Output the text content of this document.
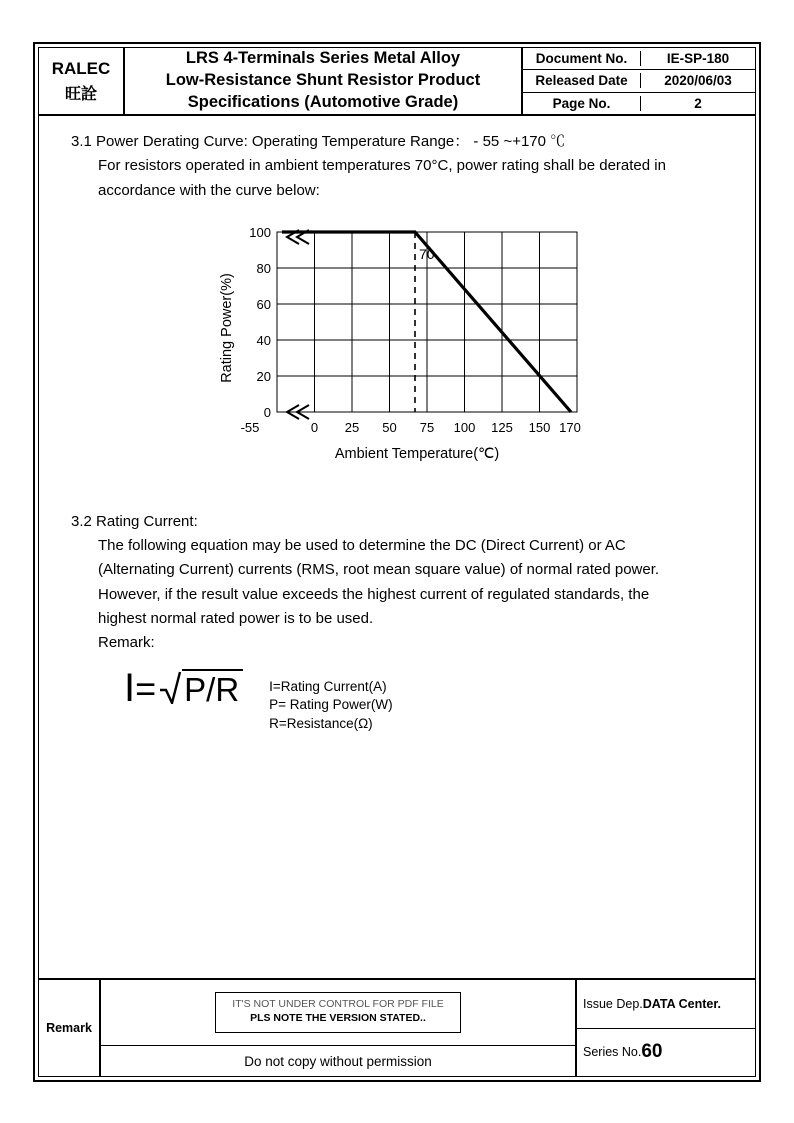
RALEC
旺詮
LRS 4-Terminals Series Metal Alloy
Low-Resistance Shunt Resistor Product
Specifications (Automotive Grade)
Document No.	IE-SP-180
Released Date	2020/06/03
Page No.	2
3.1 Power Derating Curve: Operating Temperature Range： - 55 ~+170 ℃
For resistors operated in ambient temperatures 70°C, power rating shall be derated in
accordance with the curve below:
100
80
60
40
20
0
-55	0 25 50 75 100 125 150 170
70
Rating Power(%)
Ambient Temperature(℃)
3.2 Rating Current:
The following equation may be used to determine the DC (Direct Current) or AC
(Alternating Current) currents (RMS, root mean square value) of normal rated power.
However, if the result value exceeds the highest current of regulated standards, the
highest normal rated power is to be used.
Remark:
I = P/R I=Rating Current(A)
P= Rating Power(W)
R=Resistance(Ω)
Remark
IT'S NOT UNDER CONTROL FOR PDF FILE
PLS NOTE THE VERSION STATED..
Do not copy without permission
Issue Dep. DATA Center.
Series No. 60
